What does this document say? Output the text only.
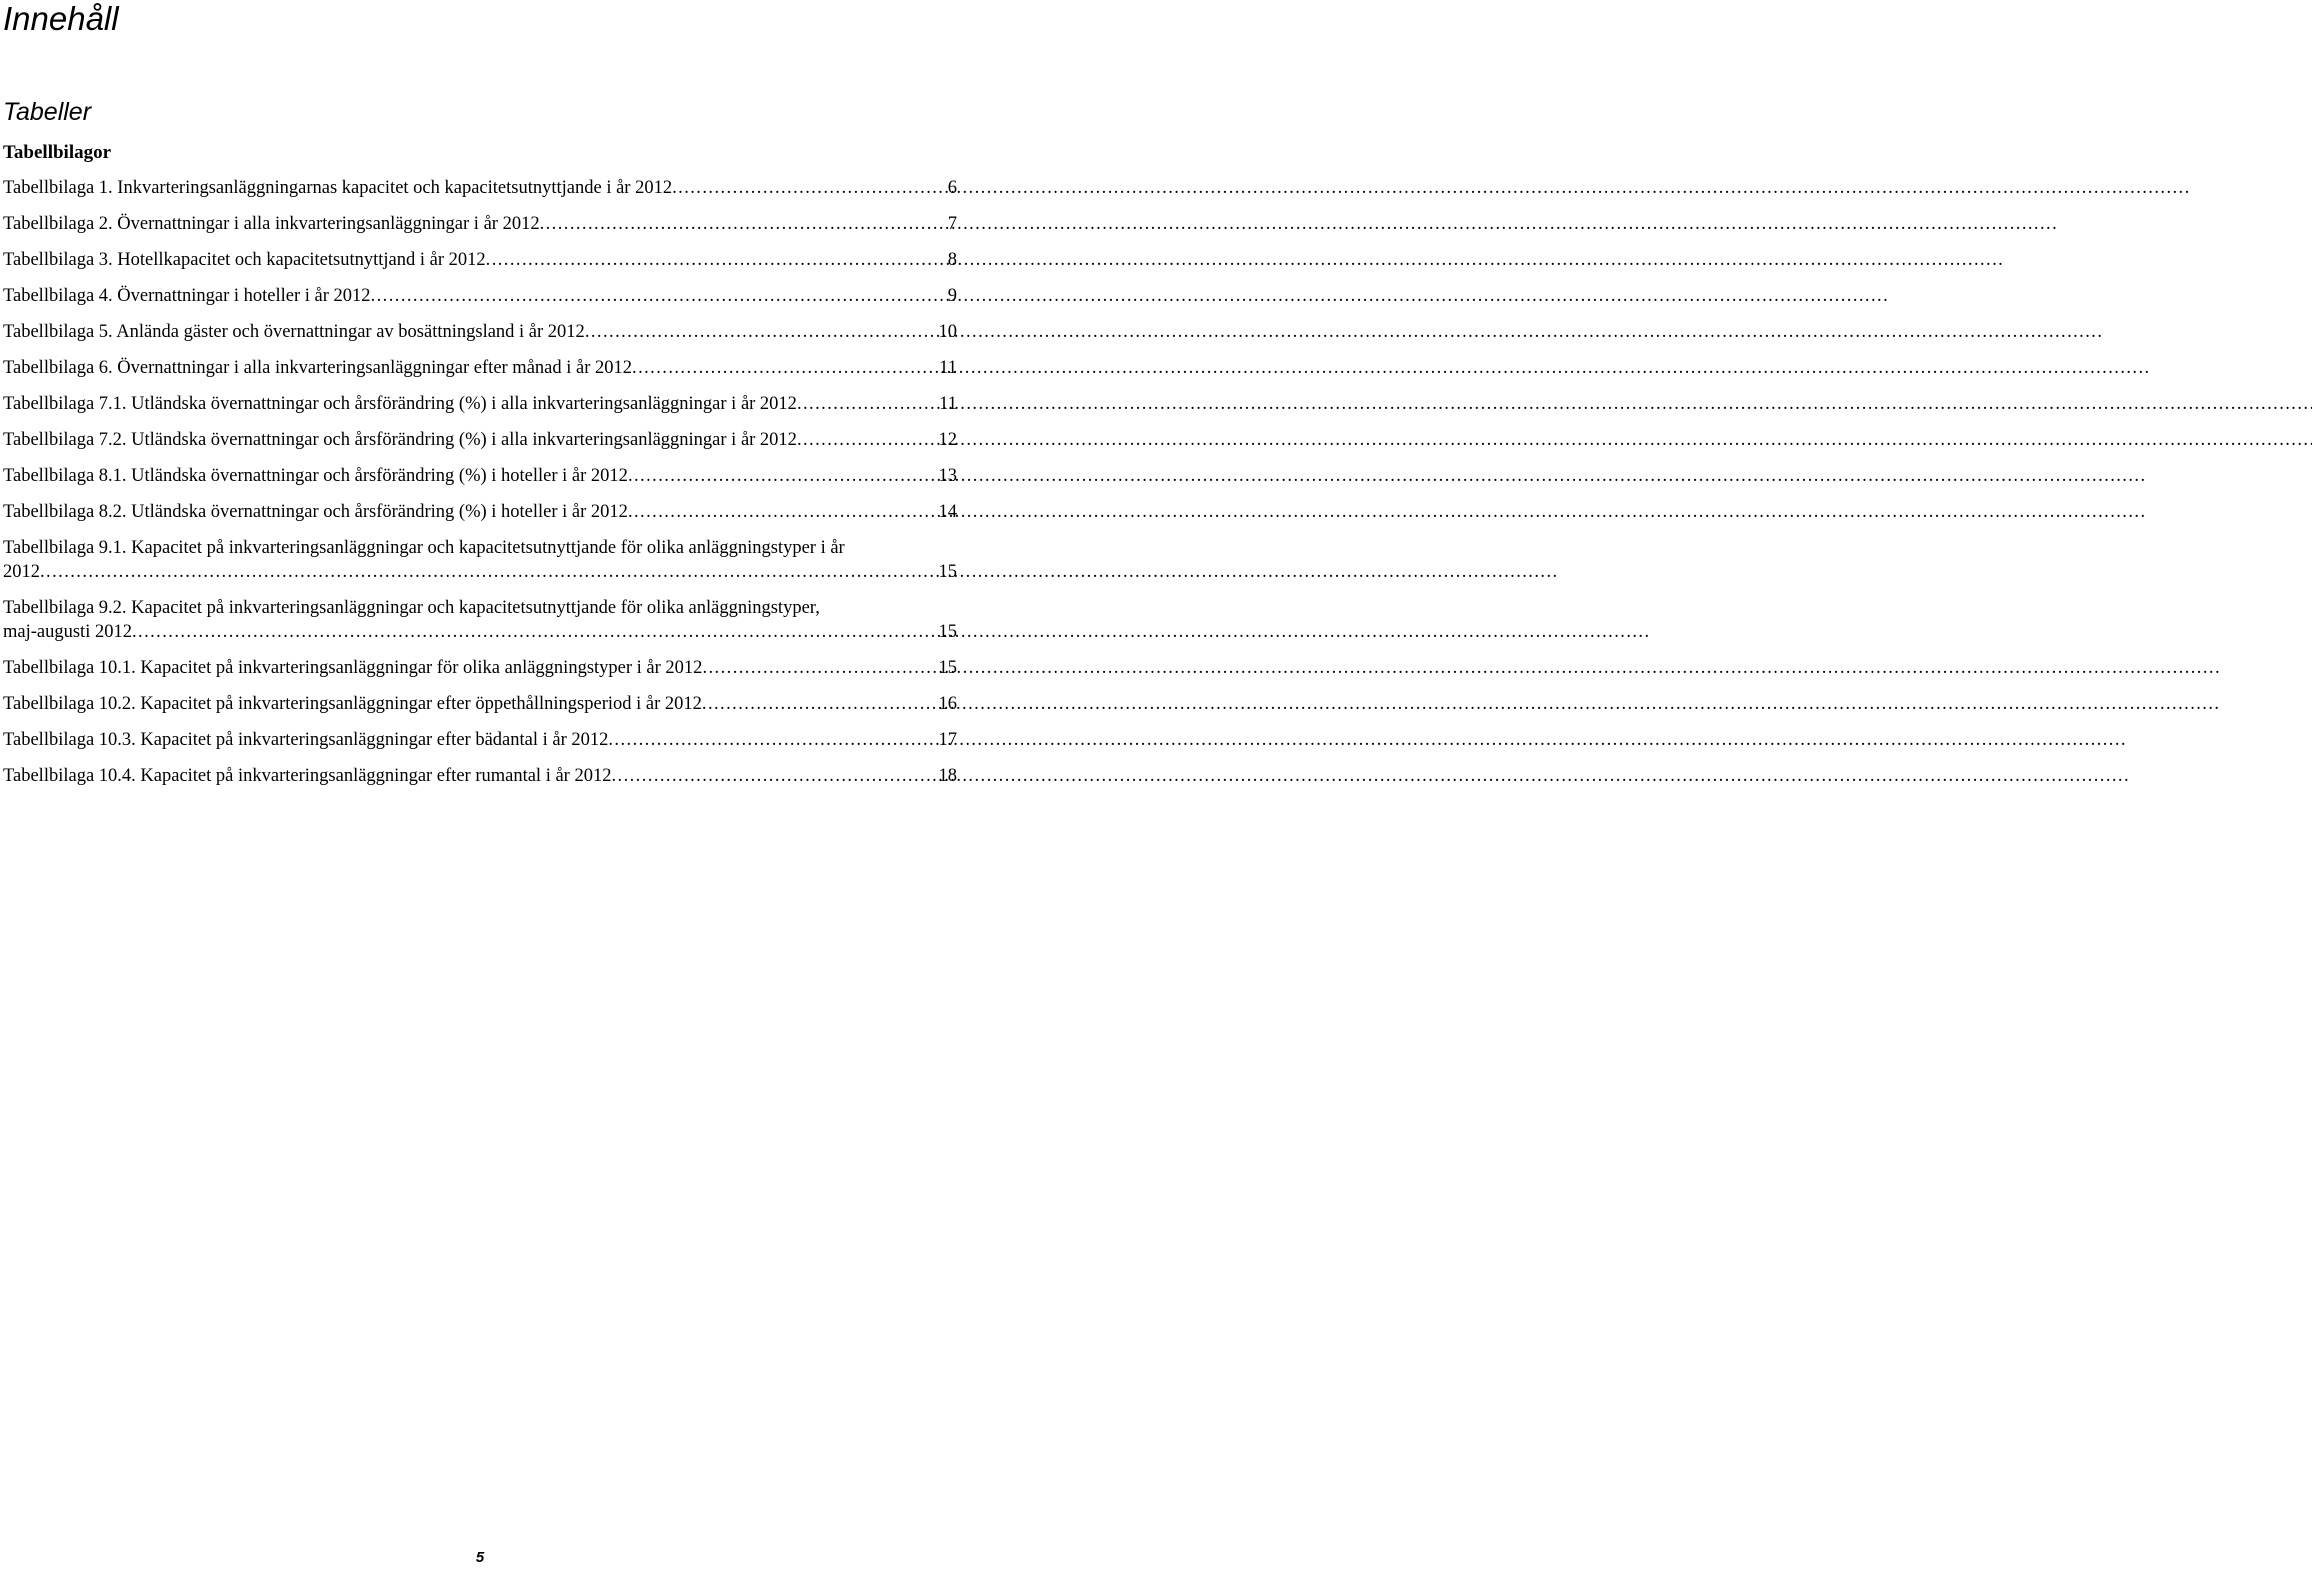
Innehåll
Tabeller
Tabellbilagor
Tabellbilaga 1. Inkvarteringsanläggningarnas kapacitet och kapacitetsutnyttjande i år 2012 . . .	6
Tabellbilaga 2. Övernattningar i alla inkvarteringsanläggningar i år 2012 . . .	7
Tabellbilaga 3. Hotellkapacitet och kapacitetsutnyttjand i år 2012 . . .	8
Tabellbilaga 4. Övernattningar i hoteller i år 2012 . . .	9
Tabellbilaga 5. Anlända gäster och övernattningar av bosättningsland i år 2012 . . .	10
Tabellbilaga 6. Övernattningar i alla inkvarteringsanläggningar efter månad i år 2012 . . .	11
Tabellbilaga 7.1. Utländska övernattningar och årsförändring (%) i alla inkvarteringsanläggningar i år 2012 . . .	11
Tabellbilaga 7.2. Utländska övernattningar och årsförändring (%) i alla inkvarteringsanläggningar i år 2012 . . .	12
Tabellbilaga 8.1. Utländska övernattningar och årsförändring (%) i hoteller i år 2012 . . .	13
Tabellbilaga 8.2. Utländska övernattningar och årsförändring (%) i hoteller i år 2012 . . .	14
Tabellbilaga 9.1. Kapacitet på inkvarteringsanläggningar och kapacitetsutnyttjande för olika anläggningstyper i år
2012 . . .	15
Tabellbilaga 9.2. Kapacitet på inkvarteringsanläggningar och kapacitetsutnyttjande för olika anläggningstyper,
maj-augusti 2012 . . .	15
Tabellbilaga 10.1. Kapacitet på inkvarteringsanläggningar för olika anläggningstyper i år 2012 . . .	15
Tabellbilaga 10.2. Kapacitet på inkvarteringsanläggningar efter öppethållningsperiod i år 2012 . . .	16
Tabellbilaga 10.3. Kapacitet på inkvarteringsanläggningar efter bädantal i år 2012 . . .	17
Tabellbilaga 10.4. Kapacitet på inkvarteringsanläggningar efter rumantal i år 2012 . . .	18
5
